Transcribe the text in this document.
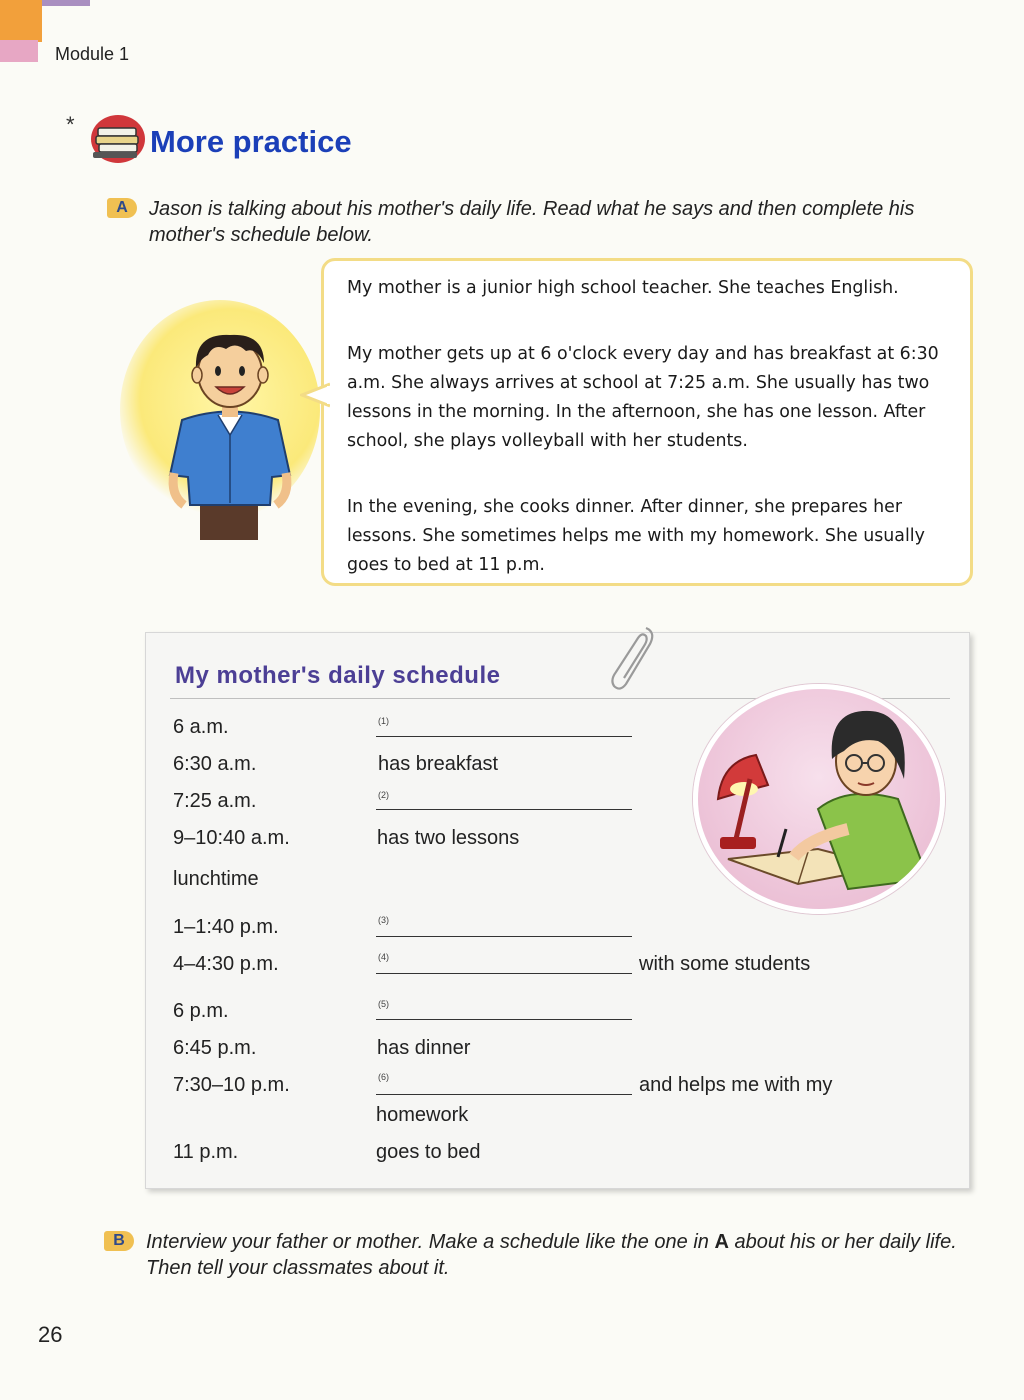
Module 1
* More practice
A	Jason is talking about his mother's daily life. Read what he says and then complete his mother's schedule below.
My mother is a junior high school teacher. She teaches English.
My mother gets up at 6 o'clock every day and has breakfast at 6:30 a.m. She always arrives at school at 7:25 a.m. She usually has two lessons in the morning. In the afternoon, she has one lesson. After school, she plays volleyball with her students.
In the evening, she cooks dinner. After dinner, she prepares her lessons. She sometimes helps me with my homework. She usually goes to bed at 11 p.m.
My mother's daily schedule
6 a.m.	(1)
6:30 a.m.	has breakfast
7:25 a.m.	(2)
9–10:40 a.m.	has two lessons
lunchtime
1–1:40 p.m.	(3)
4–4:30 p.m.	(4)	with some students
6 p.m.	(5)
6:45 p.m.	has dinner
7:30–10 p.m.	(6)	and helps me with my
homework
11 p.m.	goes to bed
B	Interview your father or mother. Make a schedule like the one in A about his or her daily life. Then tell your classmates about it.
26
